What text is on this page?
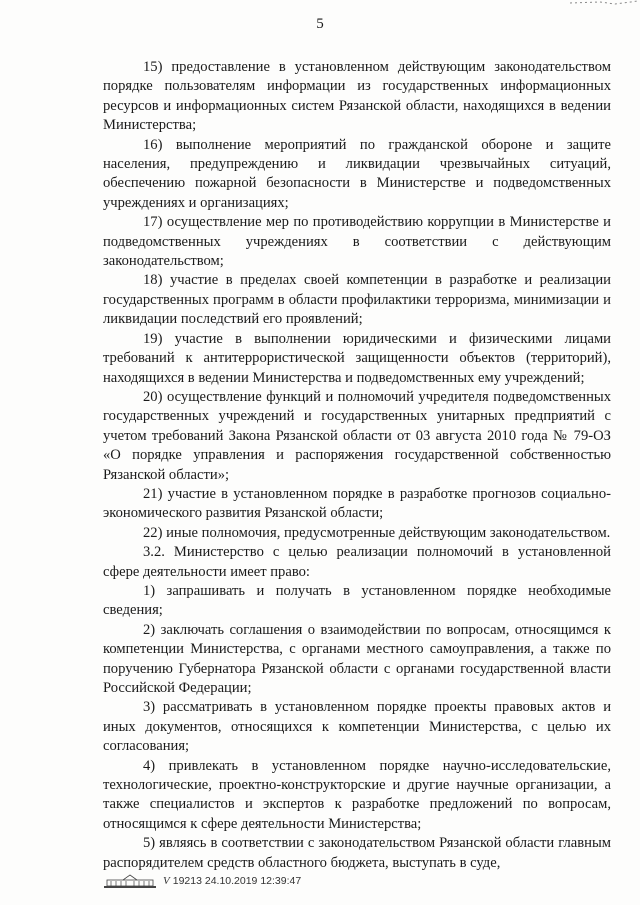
5

15) предоставление в установленном действующим законодательством порядке пользователям информации из государственных информационных ресурсов и информационных систем Рязанской области, находящихся в ведении Министерства;

16) выполнение мероприятий по гражданской обороне и защите населения, предупреждению и ликвидации чрезвычайных ситуаций, обеспечению пожарной безопасности в Министерстве и подведомственных учреждениях и организациях;

17) осуществление мер по противодействию коррупции в Министерстве и подведомственных учреждениях в соответствии с действующим законодательством;

18) участие в пределах своей компетенции в разработке и реализации государственных программ в области профилактики терроризма, минимизации и ликвидации последствий его проявлений;

19) участие в выполнении юридическими и физическими лицами требований к антитеррористической защищенности объектов (территорий), находящихся в ведении Министерства и подведомственных ему учреждений;

20) осуществление функций и полномочий учредителя подведомственных государственных учреждений и государственных унитарных предприятий с учетом требований Закона Рязанской области от 03 августа 2010 года № 79-ОЗ «О порядке управления и распоряжения государственной собственностью Рязанской области»;

21) участие в установленном порядке в разработке прогнозов социально-экономического развития Рязанской области;

22) иные полномочия, предусмотренные действующим законодательством.

3.2. Министерство с целью реализации полномочий в установленной сфере деятельности имеет право:

1) запрашивать и получать в установленном порядке необходимые сведения;

2) заключать соглашения о взаимодействии по вопросам, относящимся к компетенции Министерства, с органами местного самоуправления, а также по поручению Губернатора Рязанской области с органами государственной власти Российской Федерации;

3) рассматривать в установленном порядке проекты правовых актов и иных документов, относящихся к компетенции Министерства, с целью их согласования;

4) привлекать в установленном порядке научно-исследовательские, технологические, проектно-конструкторские и другие научные организации, а также специалистов и экспертов к разработке предложений по вопросам, относящимся к сфере деятельности Министерства;

5) являясь в соответствии с законодательством Рязанской области главным распорядителем средств областного бюджета, выступать в суде,

V 19213 24.10.2019 12:39:47
